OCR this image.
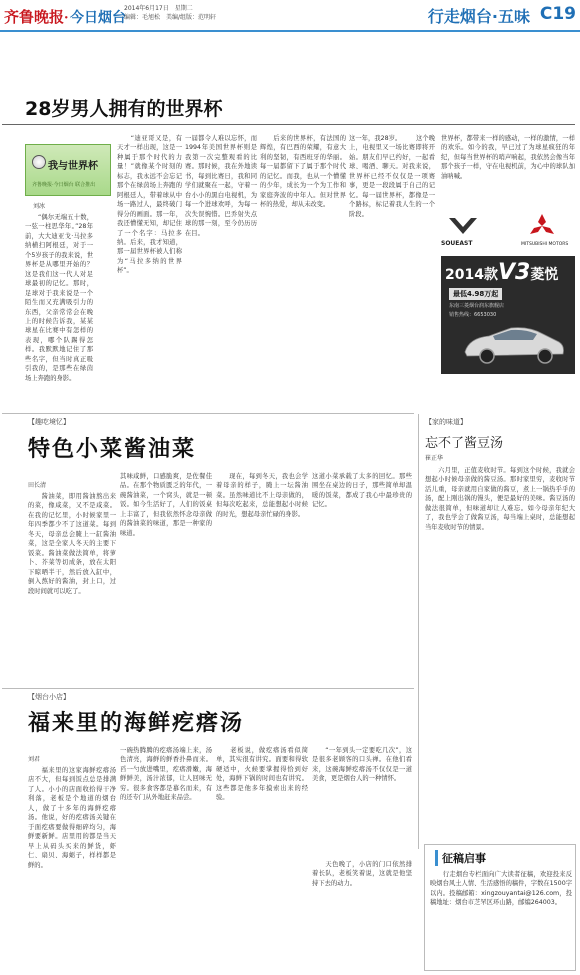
齐鲁晚报· 今日烟台
2014年6月17日　星期二
编辑：毛旭松　美编/组版：范明轩	行走烟台·五味 C19
28岁男人拥有的世界杯
我与世界杯
齐鲁晚报·今日烟台 联合推出
刘冰
　　“偶尔无端五十数，一弦一柱思华年。”28年前，大大迪亚戈·马拉多纳横扫阿根廷，对于一个5岁孩子的我来说，世界杯是从哪里开始的？这是我们这一代人对足球最初的记忆。那时，足球对于我来说是一个陌生而又充满吸引力的东西，父亲常常会在晚上的时候告诉我，某某球星在比赛中有怎样的表现，哪个队踢得怎样。我默默地记住了那些名字，但当时真正吸引我的，是那些在绿茵场上奔跑的身影。
　　“迪亚哥又是，有天才一样出现，这是一种属于那个时代的力量！”就像某个时刻的标志，我永远不会忘记那个在绿茵场上奔跑的阿根廷人，带着球从中场一路过人，最终破门得分的画面。那一年，我还懵懂无知，却记住了一个名字：马拉多纳。后来，我才知道，那一届世界杯被人们称为“马拉多纳的世界杯”。
一届都令人难以忘怀，而1994年美国世界杯则是我第一次完整观看的比赛。那时候，我在外地读书，每到比赛日，我和同学们就聚在一起，守着一台小小的黑白电视机，为每一个进球欢呼，为每一次失误惋惜。巴乔射失点球的那一刻，至今仍历历在目。
　　后来的世界杯，有法国的辉煌，有巴西的荣耀，有意大利的坚韧，有西班牙的华丽。每一届都留下了属于那个时代的记忆。而我，也从一个懵懂的少年，成长为一个为工作和家庭奔波的中年人。但对世界杯的热爱，却从未改变。
这一年，我28岁。 　　这个晚上，电视里又一场比赛即将开始。朋友们早已约好，一起看球、喝酒、聊天。对我来说，世界杯已经不仅仅是一项赛事，更是一段段属于自己的记忆。每一届世界杯，都像是一个路标，标记着我人生的一个阶段。
世界杯，都带来一样的感动，一样的激情，一样的欢乐。如今的我，早已过了为球星疯狂的年纪，但每当世界杯的哨声响起，我依然会像当年那个孩子一样，守在电视机前，为心中的球队加油呐喊。
SOUEAST	MITSUBISHI MOTORS
2014款V3菱悦
最低4.98万起
东南三菱烟台润东旗舰店
销售热线：6653030
【趣吃境忆】
特色小菜酱油菜
田长清
　　酱油菜，即用酱油熬出来的菜，像咸菜，又不是咸菜。在我的记忆里，小时候家里一年四季都少不了这道菜。每到冬天，母亲总会腌上一缸酱油菜，这是全家人冬天的主要下饭菜。酱油菜做法简单，将萝卜、芥菜等切成条，放在太阳下晾晒半干，然后放入缸中，倒入熬好的酱油，封上口，过段时间就可以吃了。
其味咸鲜，口感脆爽，是佐餐佳品。在那个物质匮乏的年代，一碗酱油菜，一个窝头，就是一顿饭。如今生活好了，人们的饭桌上丰富了，但我依然怀念母亲做的酱油菜的味道，那是一种家的味道。
　　现在，每到冬天，我也会学着母亲的样子，腌上一坛酱油菜。虽然味道比不上母亲做的，但每次吃起来，总能想起小时候的时光，想起母亲忙碌的身影。
这道小菜承载了太多的回忆。那些围坐在桌边的日子，那些简单却温暖的饭菜，都成了我心中最珍贵的记忆。
【家的味道】
忘不了酱豆汤
崔正华
　　六月里，正值麦收时节。每到这个时候，我就会想起小时候母亲做的酱豆汤。那时家里穷，麦收时节活儿重，母亲就用自家做的酱豆，煮上一锅热乎乎的汤，配上刚出锅的馒头，便是最好的美味。酱豆汤的做法很简单，但味道却让人难忘。如今母亲年纪大了，我也学会了做酱豆汤，每当端上桌时，总能想起当年麦收时节的情景。
【烟台小店】
福来里的海鲜疙瘩汤
刘君
　　福来里的这家海鲜疙瘩汤店不大，但每到饭点总是排满了人。小小的店面收拾得干净利落，老板是个地道的烟台人，做了十多年的海鲜疙瘩汤。他说，好的疙瘩汤关键在于面疙瘩要做得细碎均匀，海鲜要新鲜。店里用的都是当天早上从码头买来的鲜货，虾仁、扇贝、海蛎子，样样都是鲜的。
一碗热腾腾的疙瘩汤端上来，汤色清亮，海鲜的鲜香扑鼻而来。舀一勺放进嘴里，疙瘩滑嫩，海鲜鲜美，汤汁浓郁，让人回味无穷。很多食客都是慕名而来，有的还专门从外地赶来品尝。
　　老板说，做疙瘩汤看似简单，其实很有讲究。面要和得软硬适中，火候要掌握得恰到好处，海鲜下锅的时间也有讲究。这些都是他多年摸索出来的经验。
　　“一年到头一定要吃几次”，这是很多老顾客的口头禅。在他们看来，这碗海鲜疙瘩汤不仅仅是一道美食，更是烟台人的一种情怀。
　　天色晚了，小店的门口依然排着长队，老板笑着说，这就是他坚持下去的动力。
征稿启事
　　行走烟台专栏面向广大读者征稿，欢迎投来反映烟台风土人情、生活感悟的稿件，字数在1500字以内。投稿邮箱：xingzouyantai@126.com，投稿地址：烟台市芝罘区环山路，邮编264003。
